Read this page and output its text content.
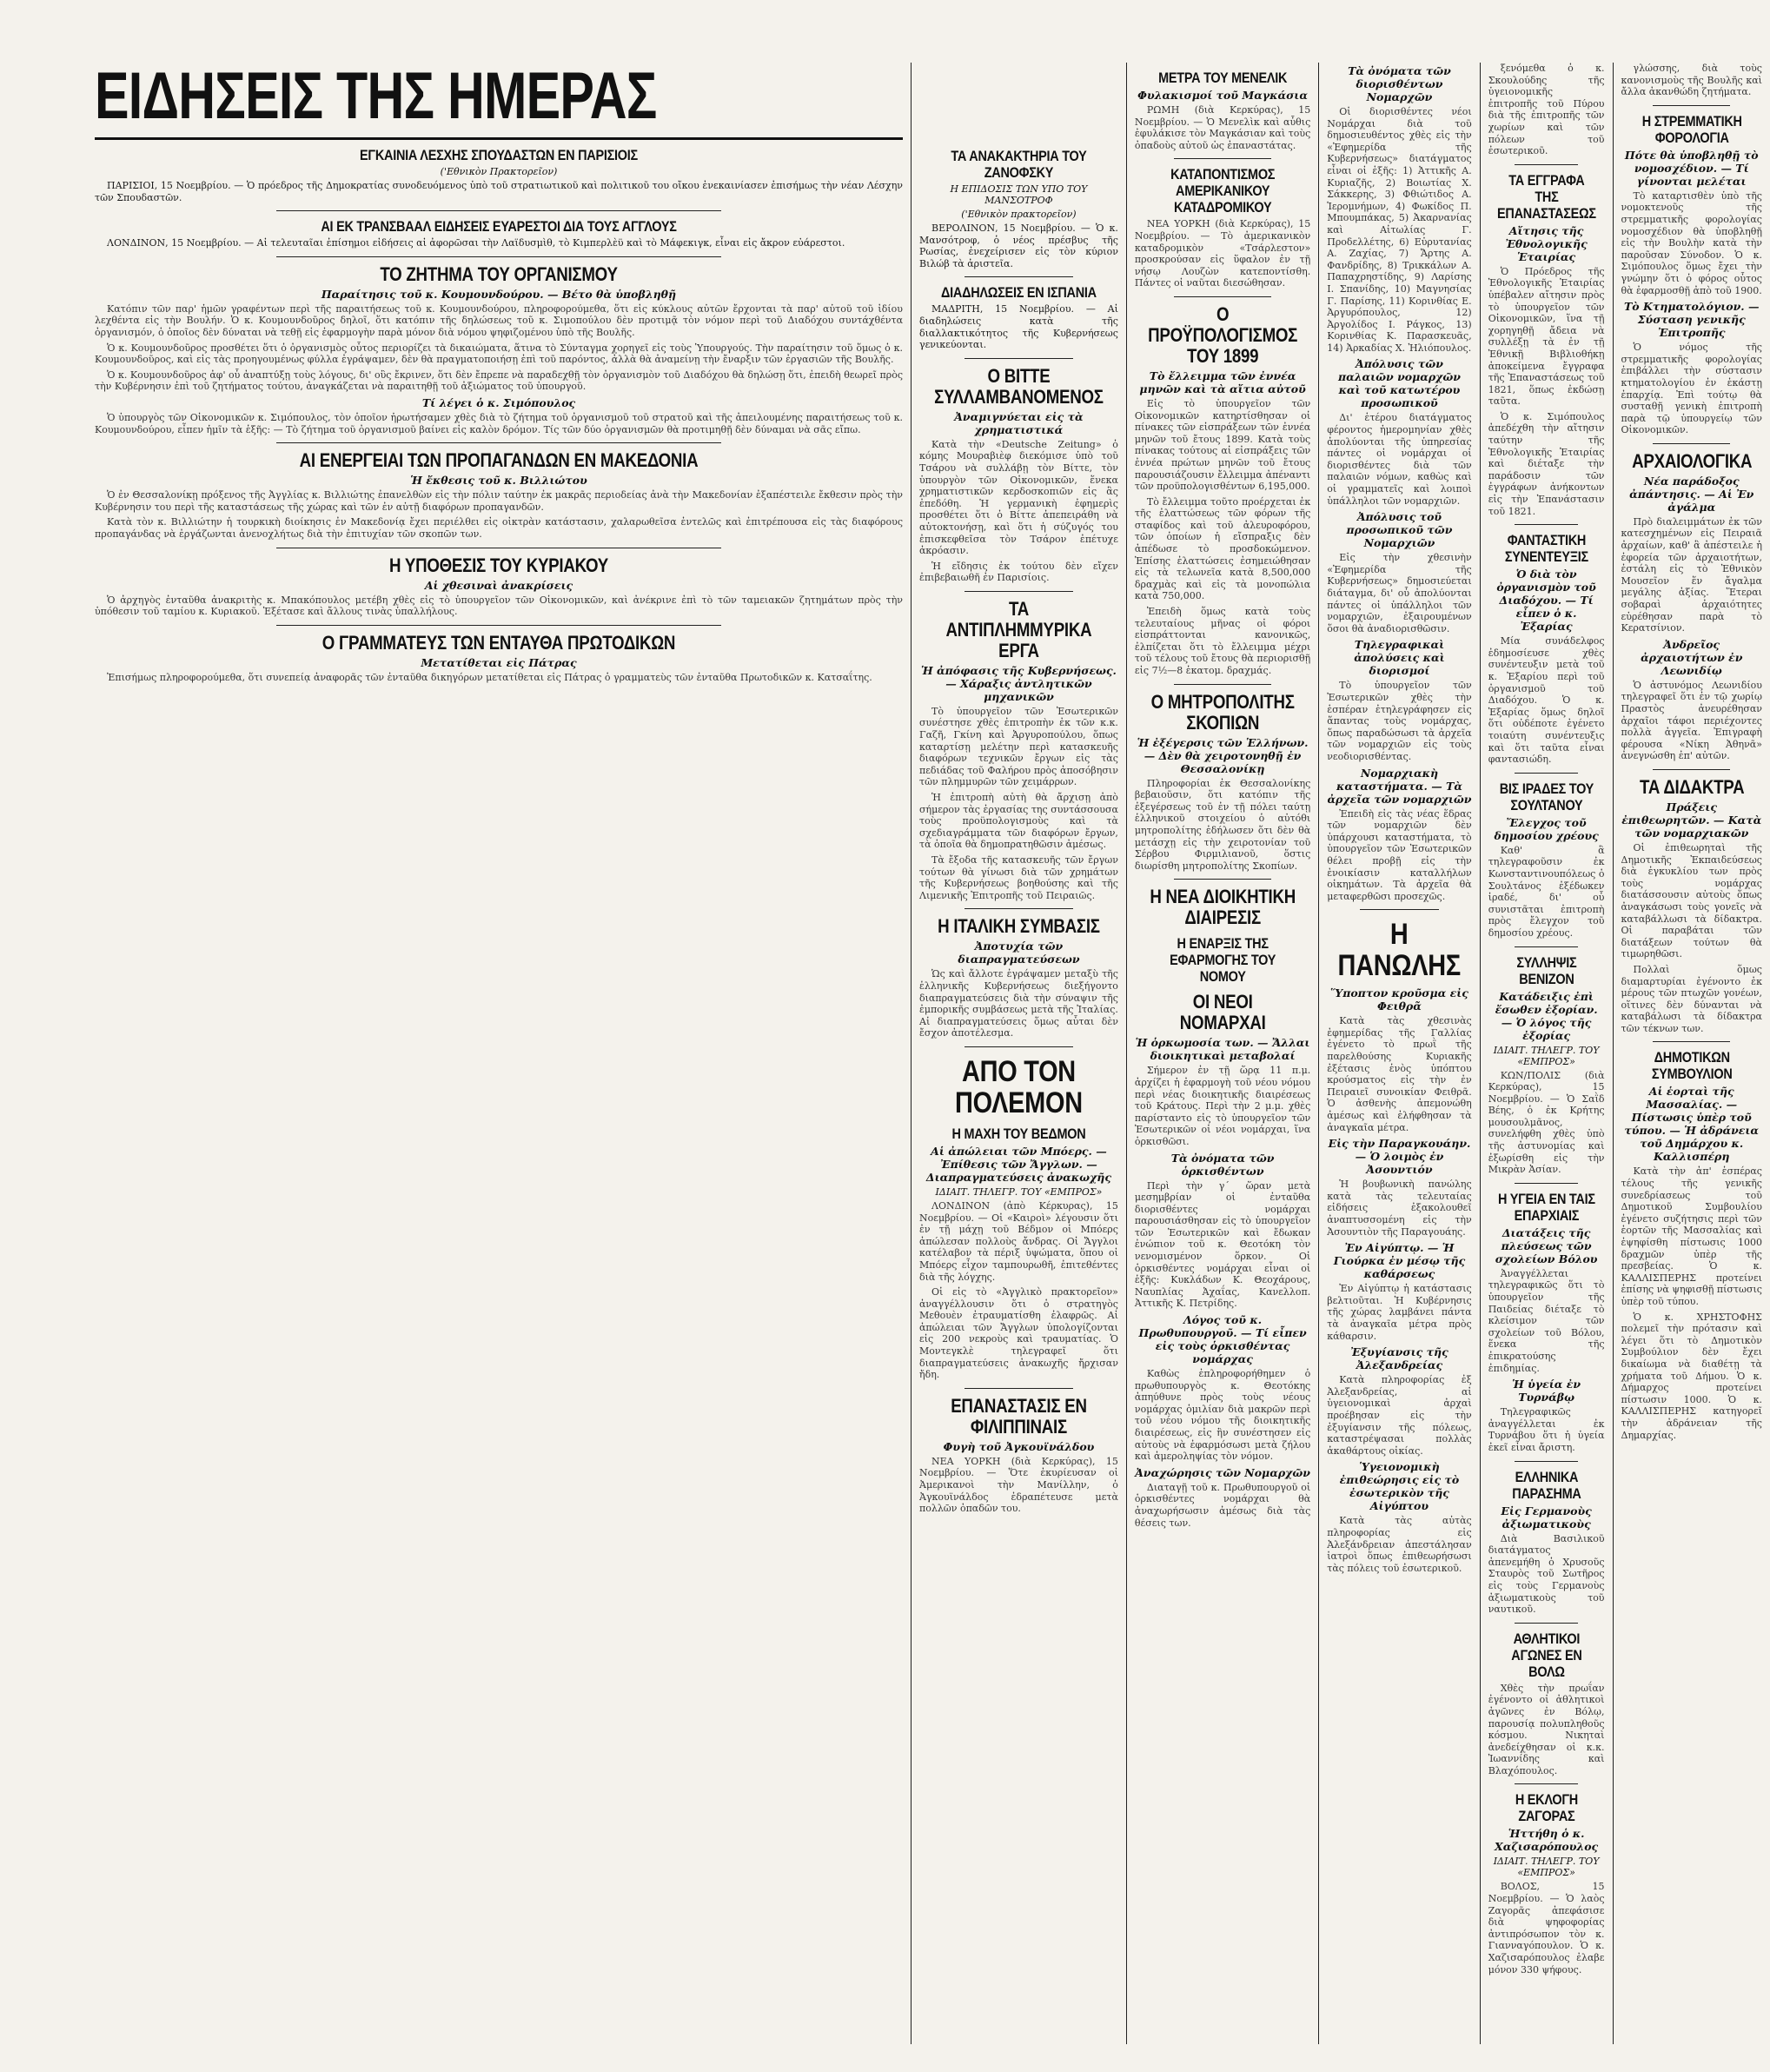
ΕΙΔΗΣΕΙΣ ΤΗΣ ΗΜΕΡΑΣ
ΕΓΚΑΙΝΙΑ ΛΕΣΧΗΣ ΣΠΟΥΔΑΣΤΩΝ ΕΝ ΠΑΡΙΣΙΟΙΣ
('Εθνικὸν Πρακτορεῖον)

ΠΑΡΙΣΙΟΙ, 15 Νοεμβρίου. — Ὁ πρόεδρος τῆς Δημοκρατίας συνοδευόμενος ὑπὸ τοῦ στρατιωτικοῦ καὶ πολιτικοῦ του οἴκου ἐνεκαινίασεν ἐπισήμως τὴν νέαν Λέσχην τῶν Σπουδαστῶν.

ΑΙ ΕΚ ΤΡΑΝΣΒΑΑΛ ΕΙΔΗΣΕΙΣ ΕΥΑΡΕΣΤΟΙ ΔΙΑ ΤΟΥΣ ΑΓΓΛΟΥΣ

ΛΟΝΔΙΝΟΝ, 15 Νοεμβρίου. — Αἱ τελευταῖαι ἐπίσημοι εἰδήσεις αἱ ἀφορῶσαι τὴν Λαϊδυσμὶθ, τὸ Κιμπερλὲϋ καὶ τὸ Μάφεκιγκ, εἶναι εἰς ἄκρον εὐάρεστοι.

ΤΟ ΖΗΤΗΜΑ ΤΟΥ ΟΡΓΑΝΙΣΜΟΥ
Παραίτησις τοῦ κ. Κουμουνδούρου. — Βέτο θὰ ὑποβληθῇ

Κατόπιν τῶν παρ' ἡμῶν γραφέντων περὶ τῆς παραιτήσεως τοῦ κ. Κουμουνδούρου, πληροφορούμεθα, ὅτι εἰς κύκλους αὐτῶν ἔρχονται τὰ παρ' αὐτοῦ τοῦ ἰδίου λεχθέντα εἰς τὴν Βουλήν. Ὁ κ. Κουμουνδοῦρος δηλοῖ, ὅτι κατόπιν τῆς δηλώσεως τοῦ κ. Σιμοπούλου δὲν προτιμᾷ τὸν νόμον περὶ τοῦ Διαδόχου συντάχθέντα ὀργανισμόν, ὁ ὁποῖος δὲν δύναται νὰ τεθῇ εἰς ἐφαρμογὴν παρὰ μόνον διὰ νόμου ψηφιζομένου ὑπὸ τῆς Βουλῆς.

Ὁ κ. Κουμουνδοῦρος προσθέτει ὅτι ὁ ὀργανισμὸς οὗτος περιορίζει τὰ δικαιώματα, ἅτινα τὸ Σύνταγμα χορηγεῖ εἰς τοὺς Ὑπουργούς. Τὴν παραίτησιν τοῦ ὅμως ὁ κ. Κουμουνδοῦρος, καὶ εἰς τὰς προηγουμένως φύλλα ἐγράψαμεν, δὲν θὰ πραγματοποιήσῃ ἐπὶ τοῦ παρόντος, ἀλλὰ θὰ ἀναμείνῃ τὴν ἔναρξιν τῶν ἐργασιῶν τῆς Βουλῆς.

Ὁ κ. Κουμουνδοῦρος ἀφ' οὗ ἀναπτύξῃ τοὺς λόγους, δι' οὓς ἔκρινεν, ὅτι δὲν ἔπρεπε νὰ παραδεχθῇ τὸν ὀργανισμὸν τοῦ Διαδόχου θὰ δηλώσῃ ὅτι, ἐπειδὴ θεωρεῖ πρὸς τὴν Κυβέρνησιν ἐπὶ τοῦ ζητήματος τούτου, ἀναγκάζεται νὰ παραιτηθῇ τοῦ ἀξιώματος τοῦ ὑπουργοῦ.

Τί λέγει ὁ κ. Σιμόπουλος

Ὁ ὑπουργὸς τῶν Οἰκονομικῶν κ. Σιμόπουλος, τὸν ὁποῖον ἠρωτήσαμεν χθὲς διὰ τὸ ζήτημα τοῦ ὀργανισμοῦ τοῦ στρατοῦ καὶ τῆς ἀπειλουμένης παραιτήσεως τοῦ κ. Κουμουνδούρου, εἶπεν ἡμῖν τὰ ἑξῆς: — Τὸ ζήτημα τοῦ ὀργανισμοῦ βαίνει εἰς καλὸν δρόμον. Τίς τῶν δύο ὀργανισμῶν θὰ προτιμηθῇ δὲν δύναμαι νὰ σᾶς εἴπω.

ΑΙ ΕΝΕΡΓΕΙΑΙ ΤΩΝ ΠΡΟΠΑΓΑΝΔΩΝ ΕΝ ΜΑΚΕΔΟΝΙΑ
Ἡ ἔκθεσις τοῦ κ. Βιλλιώτου

Ὁ ἐν Θεσσαλονίκῃ πρόξενος τῆς Ἀγγλίας κ. Βιλλιώτης ἐπανελθὼν εἰς τὴν πόλιν ταύτην ἐκ μακρᾶς περιοδείας ἀνὰ τὴν Μακεδονίαν ἐξαπέστειλε ἔκθεσιν πρὸς τὴν Κυβέρνησιν του περὶ τῆς καταστάσεως τῆς χώρας καὶ τῶν ἐν αὐτῇ διαφόρων προπαγανδῶν.

Κατὰ τὸν κ. Βιλλιώτην ἡ τουρκικὴ διοίκησις ἐν Μακεδονίᾳ ἔχει περιέλθει εἰς οἰκτρὰν κατάστασιν, χαλαρωθεῖσα ἐντελῶς καὶ ἐπιτρέπουσα εἰς τὰς διαφόρους προπαγάνδας νὰ ἐργάζωνται ἀνενοχλήτως διὰ τὴν ἐπιτυχίαν τῶν σκοπῶν των.

Η ΥΠΟΘΕΣΙΣ ΤΟΥ ΚΥΡΙΑΚΟΥ
Αἱ χθεσιναὶ ἀνακρίσεις

Ὁ ἀρχηγὸς ἐνταῦθα ἀνακριτὴς κ. Μπακόπουλος μετέβη χθὲς εἰς τὸ ὑπουργεῖον τῶν Οἰκονομικῶν, καὶ ἀνέκρινε ἐπὶ τὸ τῶν ταμειακῶν ζητημάτων πρὸς τὴν ὑπόθεσιν τοῦ ταμίου κ. Κυριακοῦ. Ἐξέτασε καὶ ἄλλους τινὰς ὑπαλλήλους.

Ο ΓΡΑΜΜΑΤΕΥΣ ΤΩΝ ΕΝΤΑΥΘΑ ΠΡΩΤΟΔΙΚΩΝ
Μετατίθεται εἰς Πάτρας

Ἐπισήμως πληροφορούμεθα, ὅτι συνεπείᾳ ἀναφορᾶς τῶν ἐνταῦθα δικηγόρων μετατίθεται εἰς Πάτρας ὁ γραμματεὺς τῶν ἐνταῦθα Πρωτοδικῶν κ. Κατσαΐτης.

ΤΑ ΑΝΑΚΑΚΤΗΡΙΑ ΤΟΥ ΖΑΝΟΦΣΚΥ
Η ΕΠΙΔΟΣΙΣ ΤΩΝ ΥΠΟ ΤΟΥ ΜΑΝΣΟΤΡΟΦ
('Εθνικὸν πρακτορεῖον)

ΒΕΡΟΛΙΝΟΝ, 15 Νοεμβρίου. — Ὁ κ. Μανσότροφ, ὁ νέος πρέσβυς τῆς Ρωσίας, ἐνεχείρισεν εἰς τὸν κύριον Βιλώβ τὰ ἀριστεῖα.

ΔΙΑΔΗΛΩΣΕΙΣ ΕΝ ΙΣΠΑΝΙΑ

ΜΑΔΡΙΤΗ, 15 Νοεμβρίου. — Αἱ διαδηλώσεις κατὰ τῆς διαλλακτικότητος τῆς Κυβερνήσεως γενικεύονται.

Ο ΒΙΤΤΕ ΣΥΛΛΑΜΒΑΝΟΜΕΝΟΣ
Ἀναμιγνύεται εἰς τὰ χρηματιστικά

Κατὰ τὴν «Deutsche Zeitung» ὁ κόμης Μουραβιὲφ διεκόμισε ὑπὸ τοῦ Τσάρου νὰ συλλάβῃ τὸν Βίττε, τὸν ὑπουργὸν τῶν Οἰκονομικῶν, ἕνεκα χρηματιστικῶν κερδοσκοπιῶν εἰς ἃς ἐπεδόθη. Ἡ γερμανικὴ ἐφημερὶς προσθέτει ὅτι ὁ Βίττε ἀπεπειράθη νὰ αὐτοκτονήσῃ, καὶ ὅτι ἡ σύζυγός του ἐπισκεφθεῖσα τὸν Τσάρον ἐπέτυχε ἀκρόασιν.

Ἡ εἴδησις ἐκ τούτου δὲν εἴχεν ἐπιβεβαιωθῆ ἐν Παρισίοις.

ΤΑ ΑΝΤΙΠΛΗΜΜΥΡΙΚΑ ΕΡΓΑ
Ἡ ἀπόφασις τῆς Κυβερνήσεως. — Χάραξις ἀντλητικῶν μηχανικῶν

Τὸ ὑπουργεῖον τῶν Ἐσωτερικῶν συνέστησε χθὲς ἐπιτροπὴν ἐκ τῶν κ.κ. Γαζῆ, Γκίνη καὶ Ἀργυροπούλου, ὅπως καταρτίσῃ μελέτην περὶ κατασκευῆς διαφόρων τεχνικῶν ἔργων εἰς τὰς πεδιάδας τοῦ Φαλήρου πρὸς ἀποσόβησιν τῶν πλημμυρῶν τῶν χειμάρρων.

Ἡ ἐπιτροπὴ αὐτὴ θὰ ἄρχισῃ ἀπὸ σήμερον τὰς ἐργασίας της συντάσσουσα τοὺς προϋπολογισμοὺς καὶ τὰ σχεδιαγράμματα τῶν διαφόρων ἔργων, τὰ ὁποῖα θὰ δημοπρατηθῶσιν ἀμέσως.

Τὰ ἔξοδα τῆς κατασκευῆς τῶν ἔργων τούτων θὰ γίνωσι διὰ τῶν χρημάτων τῆς Κυβερνήσεως βοηθούσης καὶ τῆς Λιμενικῆς Ἐπιτροπῆς τοῦ Πειραιῶς.

Η ΙΤΑΛΙΚΗ ΣΥΜΒΑΣΙΣ
Ἀποτυχία τῶν διαπραγματεύσεων

Ὡς καὶ ἄλλοτε ἐγράψαμεν μεταξὺ τῆς ἑλληνικῆς Κυβερνήσεως διεξήγοντο διαπραγματεύσεις διὰ τὴν σύναψιν τῆς ἐμπορικῆς συμβάσεως μετὰ τῆς Ἰταλίας. Αἱ διαπραγματεύσεις ὅμως αὗται δὲν ἔσχον ἀποτέλεσμα.

ΑΠΟ ΤΟΝ ΠΟΛΕΜΟΝ
Η ΜΑΧΗ ΤΟΥ ΒΕΔΜΟΝ
Αἱ ἀπώλειαι τῶν Μπόερς. — Ἐπίθεσις τῶν Ἄγγλων. — Διαπραγματεύσεις ἀνακωχῆς
ΙΔΙΑΙΤ. ΤΗΛΕΓΡ. ΤΟΥ «ΕΜΠΡΟΣ»

ΛΟΝΔΙΝΟΝ (ἀπὸ Κέρκυρας), 15 Νοεμβρίου. — Οἱ «Καιροὶ» λέγουσιν ὅτι ἐν τῇ μάχῃ τοῦ Βέδμον οἱ Μπόερς ἀπώλεσαν πολλοὺς ἄνδρας. Οἱ Ἄγγλοι κατέλαβον τὰ πέριξ ὑψώματα, ὅπου οἱ Μπόερς εἶχον ταμπουρωθῆ, ἐπιτεθέντες διὰ τῆς λόγχης.

Οἱ εἰς τὸ «Ἀγγλικὸ πρακτορεῖον» ἀναγγέλλουσιν ὅτι ὁ στρατηγὸς Μεθουὲν ἐτραυματίσθη ἐλαφρῶς. Αἱ ἀπώλειαι τῶν Ἄγγλων ὑπολογίζονται εἰς 200 νεκροὺς καὶ τραυματίας. Ὁ Μοντεγκλὲ τηλεγραφεῖ ὅτι διαπραγματεύσεις ἀνακωχῆς ἤρχισαν ἤδη.

ΕΠΑΝΑΣΤΑΣΙΣ ΕΝ ΦΙΛΙΠΠΙΝΑΙΣ
Φυγὴ τοῦ Ἀγκουϊνάλδου

ΝΕΑ ΥΟΡΚΗ (διὰ Κερκύρας), 15 Νοεμβρίου. — Ὅτε ἐκυρίευσαν οἱ Ἀμερικανοὶ τὴν Μανίλλην, ὁ Ἀγκουϊνάλδος ἐδραπέτευσε μετὰ πολλῶν ὀπαδῶν του.

ΜΕΤΡΑ ΤΟΥ ΜΕΝΕΛΙΚ
Φυλακισμοί τοῦ Μαγκάσια

ΡΩΜΗ (διὰ Κερκύρας), 15 Νοεμβρίου. — Ὁ Μενελὶκ καὶ αὖθις ἐφυλάκισε τὸν Μαγκάσιαν καὶ τοὺς ὀπαδοὺς αὐτοῦ ὡς ἐπαναστάτας.

ΚΑΤΑΠΟΝΤΙΣΜΟΣ ΑΜΕΡΙΚΑΝΙΚΟΥ ΚΑΤΑΔΡΟΜΙΚΟΥ

ΝΕΑ ΥΟΡΚΗ (διὰ Κερκύρας), 15 Νοεμβρίου. — Τὸ ἀμερικανικὸν καταδρομικὸν «Τσάρλεστον» προσκρούσαν εἰς ὕφαλον ἐν τῇ νήσῳ Λουζὼν κατεποντίσθη. Πάντες οἱ ναῦται διεσώθησαν.

Ο ΠΡΟΫΠΟΛΟΓΙΣΜΟΣ ΤΟΥ 1899
Τὸ ἔλλειμμα τῶν ἐννέα μηνῶν καὶ τὰ αἴτια αὐτοῦ

Εἰς τὸ ὑπουργεῖον τῶν Οἰκονομικῶν κατηρτίσθησαν οἱ πίνακες τῶν εἰσπράξεων τῶν ἐννέα μηνῶν τοῦ ἔτους 1899. Κατὰ τοὺς πίνακας τούτους αἱ εἰσπράξεις τῶν ἐννέα πρώτων μηνῶν τοῦ ἔτους παρουσιάζουσιν ἔλλειμμα ἀπέναντι τῶν προϋπολογισθέντων 6,195,000.

Τὸ ἔλλειμμα τοῦτο προέρχεται ἐκ τῆς ἐλαττώσεως τῶν φόρων τῆς σταφίδος καὶ τοῦ ἀλευροφόρου, τῶν ὁποίων ἡ εἴσπραξις δὲν ἀπέδωσε τὸ προσδοκώμενον. Ἐπίσης ἐλαττώσεις ἐσημειώθησαν εἰς τὰ τελωνεῖα κατὰ 8,500,000 δραχμὰς καὶ εἰς τὰ μονοπώλια κατὰ 750,000.

Ἐπειδὴ ὅμως κατὰ τοὺς τελευταίους μῆνας οἱ φόροι εἰσπράττονται κανονικῶς, ἐλπίζεται ὅτι τὸ ἔλλειμμα μέχρι τοῦ τέλους τοῦ ἔτους θὰ περιορισθῇ εἰς 7½—8 ἑκατομ. δραχμάς.

Ο ΜΗΤΡΟΠΟΛΙΤΗΣ ΣΚΟΠΙΩΝ
Ἡ ἐξέγερσις τῶν Ἑλλήνων. — Δὲν θὰ χειροτονηθῇ ἐν Θεσσαλονίκῃ

Πληροφορίαι ἐκ Θεσσαλονίκης βεβαιοῦσιν, ὅτι κατόπιν τῆς ἐξεγέρσεως τοῦ ἐν τῇ πόλει ταύτῃ ἑλληνικοῦ στοιχείου ὁ αὐτόθι μητροπολίτης ἐδήλωσεν ὅτι δὲν θὰ μετάσχῃ εἰς τὴν χειροτονίαν τοῦ Σέρβου Φιρμιλιανοῦ, ὅστις διωρίσθη μητροπολίτης Σκοπίων.

Η ΝΕΑ ΔΙΟΙΚΗΤΙΚΗ ΔΙΑΙΡΕΣΙΣ
Η ΕΝΑΡΞΙΣ ΤΗΣ ΕΦΑΡΜΟΓΗΣ ΤΟΥ ΝΟΜΟΥ
ΟΙ ΝΕΟΙ ΝΟΜΑΡΧΑΙ
Ἡ ὁρκωμοσία των. — Ἄλλαι διοικητικαὶ μεταβολαί

Σήμερον ἐν τῇ ὥρᾳ 11 π.μ. ἀρχίζει ἡ ἐφαρμογὴ τοῦ νέου νόμου περὶ νέας διοικητικῆς διαιρέσεως τοῦ Κράτους. Περὶ τὴν 2 μ.μ. χθὲς παρίσταντο εἰς τὸ ὑπουργεῖον τῶν Ἐσωτερικῶν οἱ νέοι νομάρχαι, ἵνα ὁρκισθῶσι.

Τὰ ὀνόματα τῶν ὁρκισθέντων

Περὶ τὴν γ΄ ὥραν μετὰ μεσημβρίαν οἱ ἐνταῦθα διορισθέντες νομάρχαι παρουσιάσθησαν εἰς τὸ ὑπουργεῖον τῶν Ἐσωτερικῶν καὶ ἔδωκαν ἐνώπιον τοῦ κ. Θεοτόκη τὸν νενομισμένον ὅρκον. Οἱ ὁρκισθέντες νομάρχαι εἶναι οἱ ἑξῆς: Κυκλάδων Κ. Θεοχάρους, Ναυπλίας Ἀχαΐας, Κανελλοπ. Ἀττικῆς Κ. Πετρίδης.

Λόγος τοῦ κ. Πρωθυπουργοῦ. — Τί εἶπεν εἰς τοὺς ὁρκισθέντας νομάρχας

Καθὼς ἐπληροφορήθημεν ὁ πρωθυπουργὸς κ. Θεοτόκης ἀπηύθυνε πρὸς τοὺς νέους νομάρχας ὁμιλίαν διὰ μακρῶν περὶ τοῦ νέου νόμου τῆς διοικητικῆς διαιρέσεως, εἰς ἣν συνέστησεν εἰς αὐτοὺς νὰ ἐφαρμόσωσι μετὰ ζήλου καὶ ἀμεροληψίας τὸν νόμον.

Ἀναχώρησις τῶν Νομαρχῶν

Διαταγῇ τοῦ κ. Πρωθυπουργοῦ οἱ ὁρκισθέντες νομάρχαι θὰ ἀναχωρήσωσιν ἀμέσως διὰ τὰς θέσεις των.

Τὰ ὀνόματα τῶν διορισθέντων Νομαρχῶν

Οἱ διορισθέντες νέοι Νομάρχαι διὰ τοῦ δημοσιευθέντος χθὲς εἰς τὴν «Ἐφημερίδα τῆς Κυβερνήσεως» διατάγματος εἶναι οἱ ἑξῆς: 1) Ἀττικῆς Α. Κυριαζῆς, 2) Βοιωτίας Χ. Σάκκερης, 3) Φθιώτιδος Α. Ἱερομνήμων, 4) Φωκίδος Π. Μπουμπάκας, 5) Ἀκαρνανίας καὶ Αἰτωλίας Γ. Προδελλέτης, 6) Εὐρυτανίας Α. Ζαχίας, 7) Ἄρτης Α. Φανδρίδης, 8) Τρικκάλων Α. Παπαχρηστίδης, 9) Λαρίσης Ι. Σπανίδης, 10) Μαγνησίας Γ. Παρίσης, 11) Κορινθίας Ε. Ἀργυρόπουλος, 12) Ἀργολίδος Ι. Ράγκος, 13) Κορινθίας Κ. Παρασκευᾶς, 14) Ἀρκαδίας Χ. Ἠλιόπουλος.

Ἀπόλυσις τῶν παλαιῶν νομαρχῶν καὶ τοῦ κατωτέρου προσωπικοῦ

Δι' ἑτέρου διατάγματος φέροντος ἡμερομηνίαν χθὲς ἀπολύονται τῆς ὑπηρεσίας πάντες οἱ νομάρχαι οἱ διορισθέντες διὰ τῶν παλαιῶν νόμων, καθὼς καὶ οἱ γραμματεῖς καὶ λοιποὶ ὑπάλληλοι τῶν νομαρχιῶν.

Ἀπόλυσις τοῦ προσωπικοῦ τῶν Νομαρχιῶν

Εἰς τὴν χθεσινὴν «Ἐφημερίδα τῆς Κυβερνήσεως» δημοσιεύεται διάταγμα, δι' οὗ ἀπολύονται πάντες οἱ ὑπάλληλοι τῶν νομαρχιῶν, ἐξαιρουμένων ὅσοι θὰ ἀναδιορισθῶσιν.

Τηλεγραφικαὶ ἀπολύσεις καὶ διορισμοί

Τὸ ὑπουργεῖον τῶν Ἐσωτερικῶν χθὲς τὴν ἑσπέραν ἐτηλεγράφησεν εἰς ἅπαντας τοὺς νομάρχας, ὅπως παραδώσωσι τὰ ἀρχεῖα τῶν νομαρχιῶν εἰς τοὺς νεοδιορισθέντας.

Νομαρχιακὴ καταστήματα. — Τὰ ἀρχεῖα τῶν νομαρχιῶν

Ἐπειδὴ εἰς τὰς νέας ἕδρας τῶν νομαρχιῶν δὲν ὑπάρχουσι καταστήματα, τὸ ὑπουργεῖον τῶν Ἐσωτερικῶν θέλει προβῇ εἰς τὴν ἐνοικίασιν καταλλήλων οἰκημάτων. Τὰ ἀρχεῖα θὰ μεταφερθῶσι προσεχῶς.

Η ΠΑΝΩΛΗΣ
Ὕποπτον κροῦσμα εἰς Φειθρᾶ

Κατὰ τὰς χθεσινὰς ἐφημερίδας τῆς Γαλλίας ἐγένετο τὸ πρωῒ τῆς παρελθούσης Κυριακῆς ἐξέτασις ἑνὸς ὑπόπτου κρούσματος εἰς τὴν ἐν Πειραιεῖ συνοικίαν Φειθρᾶ. Ὁ ἀσθενὴς ἀπεμονώθη ἀμέσως καὶ ἐλήφθησαν τὰ ἀναγκαῖα μέτρα.

Εἰς τὴν Παραγκουάην. — Ὁ λοιμὸς ἐν Ἀσουντιόν

Ἡ βουβωνικὴ πανώλης κατὰ τὰς τελευταίας εἰδήσεις ἐξακολουθεῖ ἀναπτυσσομένη εἰς τὴν Ἀσουντιὸν τῆς Παραγουάης.

Ἐν Αἰγύπτῳ. — Ἡ Γιούρκα ἐν μέσῳ τῆς καθάρσεως

Ἐν Αἰγύπτῳ ἡ κατάστασις βελτιοῦται. Ἡ Κυβέρνησις τῆς χώρας λαμβάνει πάντα τὰ ἀναγκαῖα μέτρα πρὸς κάθαρσιν.

Ἐξυγίανσις τῆς Ἀλεξανδρείας

Κατὰ πληροφορίας ἐξ Ἀλεξανδρείας, αἱ ὑγειονομικαὶ ἀρχαὶ προέβησαν εἰς τὴν ἐξυγίανσιν τῆς πόλεως, καταστρέψασαι πολλὰς ἀκαθάρτους οἰκίας.

Ὑγειονομικὴ ἐπιθεώρησις εἰς τὸ ἐσωτερικὸν τῆς Αἰγύπτου

Κατὰ τὰς αὐτὰς πληροφορίας εἰς Ἀλεξάνδρειαν ἀπεστάλησαν ἰατροὶ ὅπως ἐπιθεωρήσωσι τὰς πόλεις τοῦ ἐσωτερικοῦ.

ξενόμεθα ὁ κ. Σκουλούδης τῆς ὑγειονομικῆς ἐπιτροπῆς τοῦ Πύρου διὰ τῆς ἐπιτροπῆς τῶν χωρίων καὶ τῶν πόλεων τοῦ ἐσωτερικοῦ.

ΤΑ ΕΓΓΡΑΦΑ ΤΗΣ ΕΠΑΝΑΣΤΑΣΕΩΣ
Αἴτησις τῆς Ἐθνολογικῆς Ἑταιρίας

Ὁ Πρόεδρος τῆς Ἐθνολογικῆς Ἑταιρίας ὑπέβαλεν αἴτησιν πρὸς τὸ ὑπουργεῖον τῶν Οἰκονομικῶν, ἵνα τῇ χορηγηθῇ ἄδεια νὰ συλλέξῃ τὰ ἐν τῇ Ἐθνικῇ Βιβλιοθήκῃ ἀποκείμενα ἔγγραφα τῆς Ἐπαναστάσεως τοῦ 1821, ὅπως ἐκδώσῃ ταῦτα.

Ὁ κ. Σιμόπουλος ἀπεδέχθη τὴν αἴτησιν ταύτην τῆς Ἐθνολογικῆς Ἑταιρίας καὶ διέταξε τὴν παράδοσιν τῶν ἐγγράφων ἀνήκοντων εἰς τὴν Ἐπανάστασιν τοῦ 1821.

ΦΑΝΤΑΣΤΙΚΗ ΣΥΝΕΝΤΕΥΞΙΣ
Ὁ διὰ τὸν ὀργανισμὸν τοῦ Διαδόχου. — Τί εἶπεν ὁ κ. Ἐξαρίας

Μία συνάδελφος ἐδημοσίευσε χθὲς συνέντευξιν μετὰ τοῦ κ. Ἐξαρίου περὶ τοῦ ὀργανισμοῦ τοῦ Διαδόχου. Ὁ κ. Ἐξαρίας ὅμως δηλοῖ ὅτι οὐδέποτε ἐγένετο τοιαύτη συνέντευξις καὶ ὅτι ταῦτα εἶναι φαντασιώδη.

ΒΙΣ ΙΡΑΔΕΣ ΤΟΥ ΣΟΥΛΤΑΝΟΥ
Ἔλεγχος τοῦ δημοσίου χρέους

Καθ' ἃ τηλεγραφοῦσιν ἐκ Κωνσταντινουπόλεως ὁ Σουλτάνος ἐξέδωκεν ἰραδέ, δι' οὗ συνιστᾶται ἐπιτροπὴ πρὸς ἔλεγχον τοῦ δημοσίου χρέους.

ΣΥΛΛΗΨΙΣ ΒΕΝΙΖΟΝ
Κατάδειξις ἐπὶ ἔσωθεν ἐξορίαν. — Ὁ λόγος τῆς ἐξορίας
ΙΔΙΑΙΤ. ΤΗΛΕΓΡ. ΤΟΥ «ΕΜΠΡΟΣ»

ΚΩΝ/ΠΟΛΙΣ (διὰ Κερκύρας), 15 Νοεμβρίου. — Ὁ Σαῒδ Βέης, ὁ ἐκ Κρήτης μουσουλμᾶνος, συνελήφθη χθὲς ὑπὸ τῆς ἀστυνομίας καὶ ἐξωρίσθη εἰς τὴν Μικρὰν Ἀσίαν.

Η ΥΓΕΙΑ ΕΝ ΤΑΙΣ ΕΠΑΡΧΙΑΙΣ
Διατάξεις τῆς πλεύσεως τῶν σχολείων Βόλου

Ἀναγγέλλεται τηλεγραφικῶς ὅτι τὸ ὑπουργεῖον τῆς Παιδείας διέταξε τὸ κλείσιμον τῶν σχολείων τοῦ Βόλου, ἕνεκα τῆς ἐπικρατούσης ἐπιδημίας.

Ἡ ὑγεία ἐν Τυρνάβῳ

Τηλεγραφικῶς ἀναγγέλλεται ἐκ Τυρνάβου ὅτι ἡ ὑγεία ἐκεῖ εἶναι ἄριστη.

ΕΛΛΗΝΙΚΑ ΠΑΡΑΣΗΜΑ
Εἰς Γερμανοὺς ἀξιωματικοὺς

Διὰ Βασιλικοῦ διατάγματος ἀπενεμήθη ὁ Χρυσοῦς Σταυρὸς τοῦ Σωτῆρος εἰς τοὺς Γερμανοὺς ἀξιωματικοὺς τοῦ ναυτικοῦ.

ΑΘΛΗΤΙΚΟΙ ΑΓΩΝΕΣ ΕΝ ΒΟΛΩ

Χθὲς τὴν πρωΐαν ἐγένοντο οἱ ἀθλητικοὶ ἀγῶνες ἐν Βόλῳ, παρουσίᾳ πολυπληθοῦς κόσμου. Νικηταὶ ἀνεδείχθησαν οἱ κ.κ. Ἰωαννίδης καὶ Βλαχόπουλος.

Η ΕΚΛΟΓΗ ΖΑΓΟΡΑΣ
Ἡττήθη ὁ κ. Χαζισαρόπουλος
ΙΔΙΑΙΤ. ΤΗΛΕΓΡ. ΤΟΥ «ΕΜΠΡΟΣ»

ΒΟΛΟΣ, 15 Νοεμβρίου. — Ὁ λαὸς Ζαγορᾶς ἀπεφάσισε διὰ ψηφοφορίας ἀντιπρόσωπον τὸν κ. Γιανναγόπουλον. Ὁ κ. Χαζισαρόπουλος ἐλαβε μόνον 330 ψήφους.

γλώσσης, διὰ τοὺς κανονισμοὺς τῆς Βουλῆς καὶ ἄλλα ἀκανθώδη ζητήματα.

Η ΣΤΡΕΜΜΑΤΙΚΗ ΦΟΡΟΛΟΓΙΑ
Πότε θὰ ὑποβληθῇ τὸ νομοσχέδιον. — Τί γίνονται μελέται

Τὸ καταρτισθὲν ὑπὸ τῆς νομοκτενοῦς τῆς στρεμματικῆς φορολογίας νομοσχέδιον θὰ ὑποβληθῇ εἰς τὴν Βουλὴν κατὰ τὴν παροῦσαν Σύνοδον. Ὁ κ. Σιμόπουλος ὅμως ἔχει τὴν γνώμην ὅτι ὁ φόρος οὗτος θὰ ἐφαρμοσθῇ ἀπὸ τοῦ 1900.

Τὸ Κτηματολόγιον. — Σύσταση γενικῆς Ἐπιτροπῆς

Ὁ νόμος τῆς στρεμματικῆς φορολογίας ἐπιβάλλει τὴν σύστασιν κτηματολογίου ἐν ἑκάστῃ ἐπαρχίᾳ. Ἐπὶ τούτῳ θὰ συσταθῇ γενικὴ ἐπιτροπὴ παρὰ τῷ ὑπουργείῳ τῶν Οἰκονομικῶν.

ΑΡΧΑΙΟΛΟΓΙΚΑ
Νέα παράδοξος ἀπάντησις. — Αἱ Ἐν ἀγάλμα

Πρὸ διαλειμμάτων ἐκ τῶν κατεσχημένων εἰς Πειραιᾶ ἀρχαίων, καθ' ἃ ἀπέστειλε ἡ ἐφορεία τῶν ἀρχαιοτήτων, ἐστάλη εἰς τὸ Ἐθνικὸν Μουσεῖον ἕν ἄγαλμα μεγάλης ἀξίας. Ἕτεραι σοβαραὶ ἀρχαιότητες εὑρέθησαν παρὰ τὸ Κερατσίνιον.

Ἀνδρεῖος ἀρχαιοτήτων ἐν Λεωνιδίῳ

Ὁ ἀστυνόμος Λεωνιδίου τηλεγραφεῖ ὅτι ἐν τῷ χωρίῳ Πραστὸς ἀνευρέθησαν ἀρχαῖοι τάφοι περιέχοντες πολλὰ ἀγγεῖα. Ἐπιγραφὴ φέρουσα «Νίκη Ἀθηνᾶ» ἀνεγνώσθη ἐπ' αὐτῶν.

ΤΑ ΔΙΔΑΚΤΡΑ
Πράξεις ἐπιθεωρητῶν. — Κατὰ τῶν νομαρχιακῶν

Οἱ ἐπιθεωρηταὶ τῆς Δημοτικῆς Ἐκπαιδεύσεως διὰ ἐγκυκλίου των πρὸς τοὺς νομάρχας διατάσσουσιν αὐτοὺς ὅπως ἀναγκάσωσι τοὺς γονεῖς νὰ καταβάλλωσι τὰ δίδακτρα. Οἱ παραβάται τῶν διατάξεων τούτων θὰ τιμωρηθῶσι.

Πολλαὶ ὅμως διαμαρτυρίαι ἐγένοντο ἐκ μέρους τῶν πτωχῶν γονέων, οἵτινες δὲν δύνανται νὰ καταβάλωσι τὰ δίδακτρα τῶν τέκνων των.

ΔΗΜΟΤΙΚΩΝ ΣΥΜΒΟΥΛΙΟΝ
Αἱ ἑορταὶ τῆς Μασσαλίας. — Πίστωσις ὑπὲρ τοῦ τύπου. — Ἡ ἀδράνεια τοῦ Δημάρχου κ. Καλλισπέρη

Κατὰ τὴν ἀπ' ἑσπέρας τέλους τῆς γενικῆς συνεδρίασεως τοῦ Δημοτικοῦ Συμβουλίου ἐγένετο συζήτησις περὶ τῶν ἑορτῶν τῆς Μασσαλίας καὶ ἐψηφίσθη πίστωσις 1000 δραχμῶν ὑπὲρ τῆς πρεσβείας. Ὁ κ. ΚΑΛΛΙΣΠΕΡΗΣ προτείνει ἐπίσης νὰ ψηφισθῇ πίστωσις ὑπὲρ τοῦ τύπου.

Ὁ κ. ΧΡΗΣΤΟΦΗΣ πολεμεῖ τὴν πρότασιν καὶ λέγει ὅτι τὸ Δημοτικὸν Συμβούλιον δὲν ἔχει δικαίωμα νὰ διαθέτῃ τὰ χρήματα τοῦ Δήμου. Ὁ κ. Δήμαρχος προτείνει πίστωσιν 1000. Ὁ κ. ΚΑΛΛΙΣΠΕΡΗΣ κατηγορεῖ τὴν ἀδράνειαν τῆς Δημαρχίας.
